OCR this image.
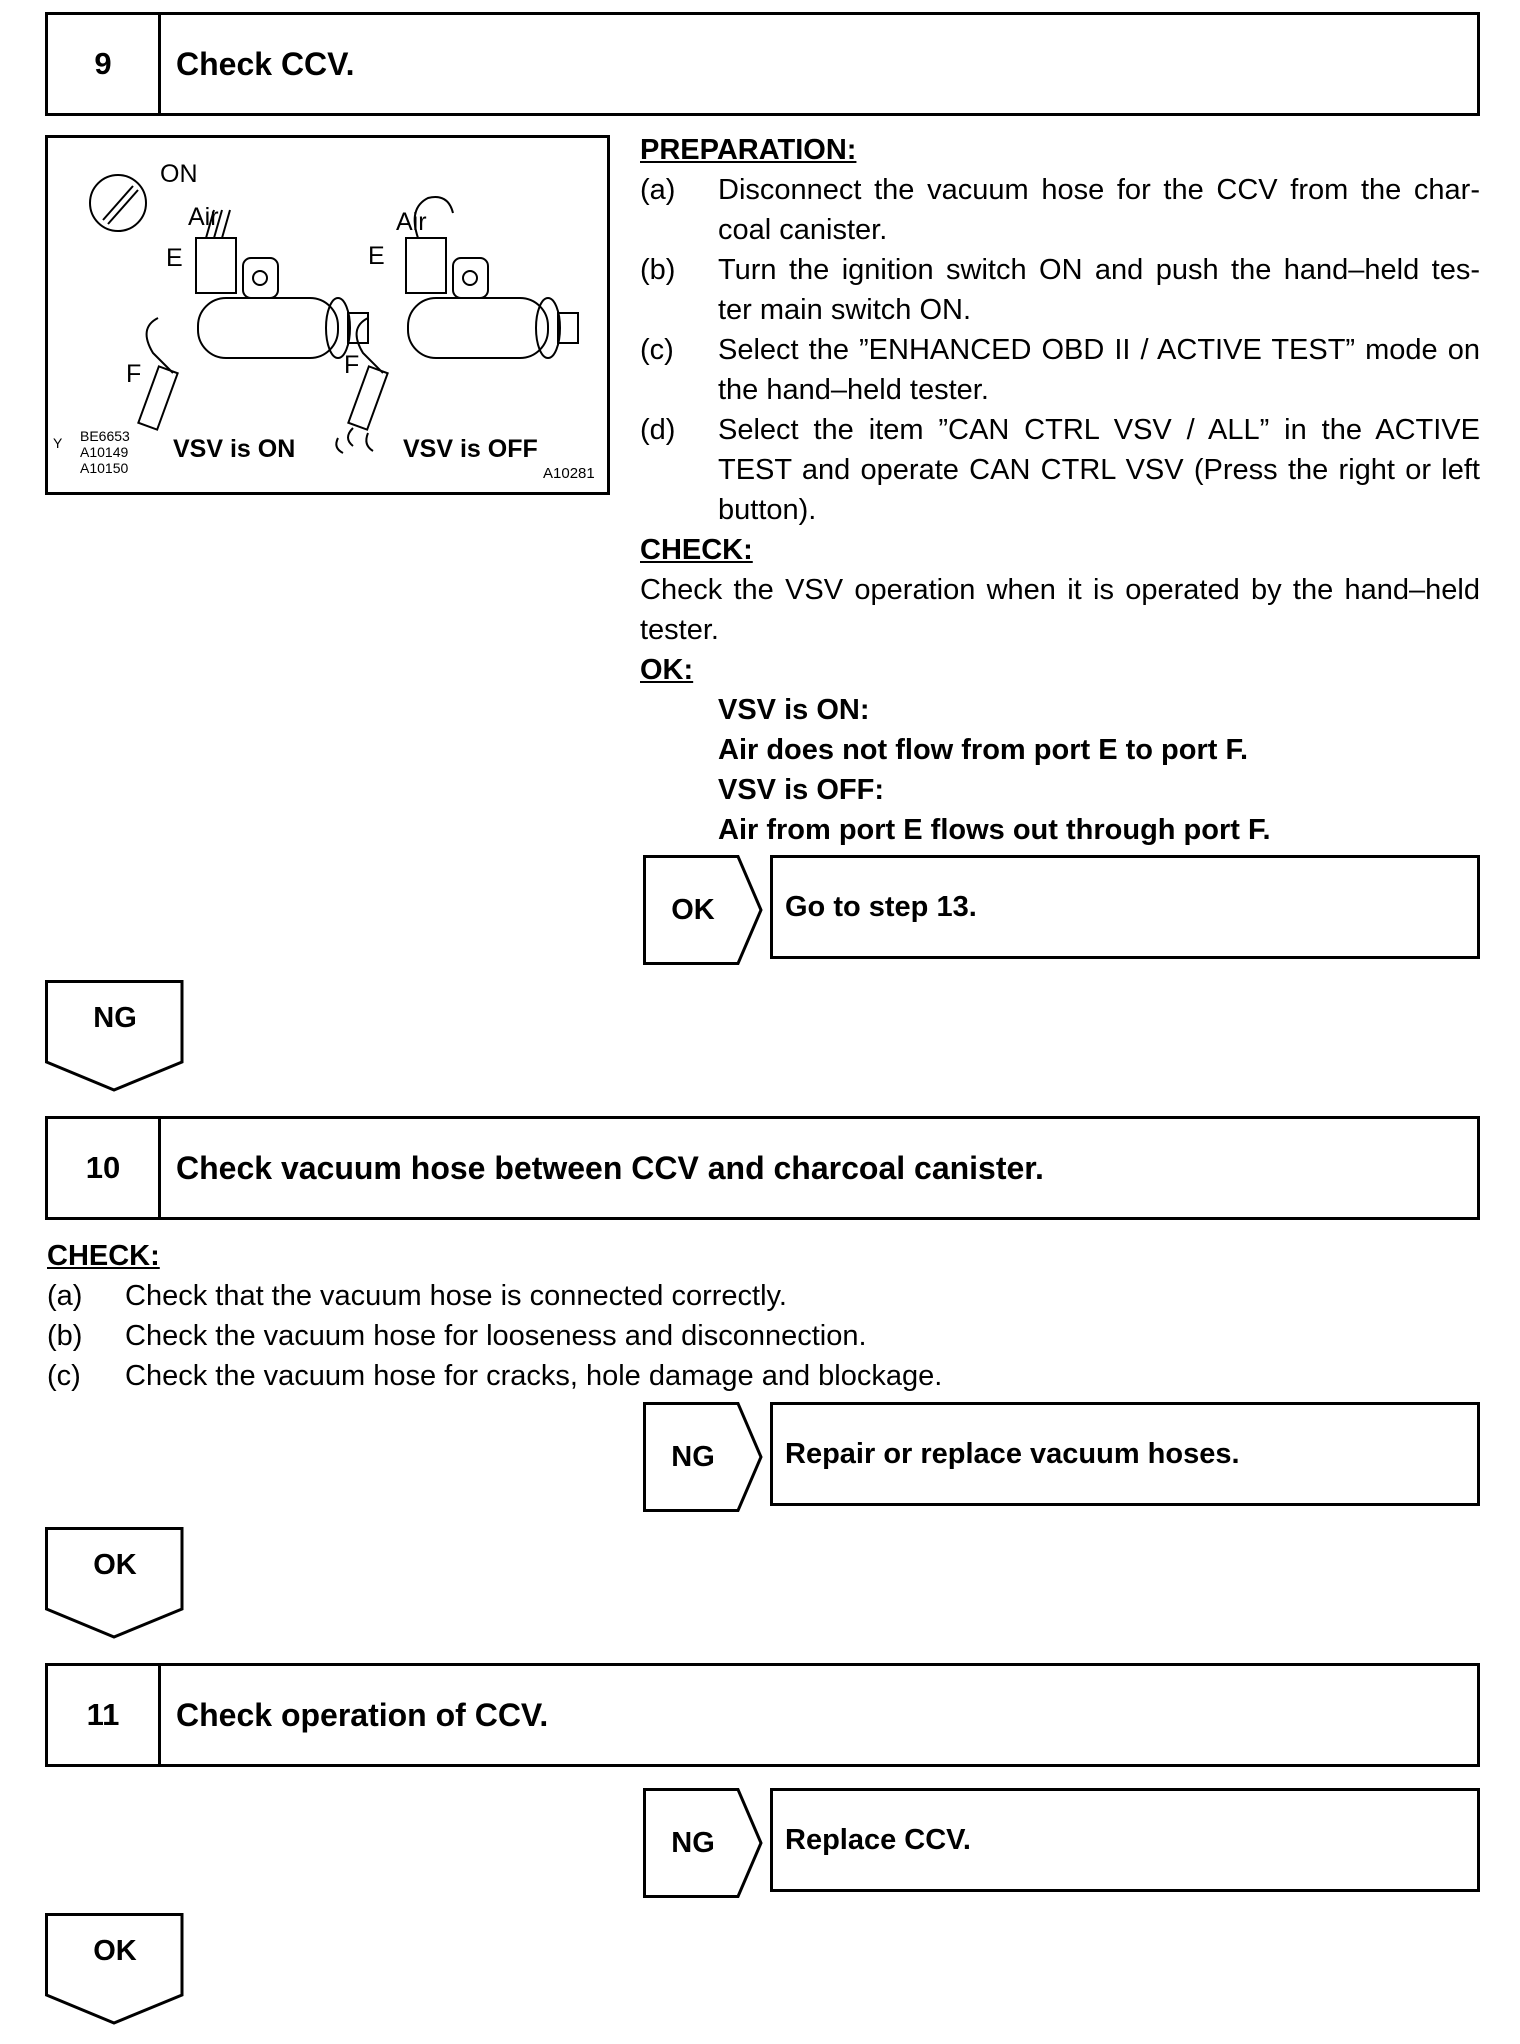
9	Check CCV.
ON
Air	Air
E	E
F	F
Y BE6653
A10149
A10150
VSV is ON	VSV is OFF
A10281
PREPARATION:
(a) Disconnect the vacuum hose for the CCV from the char-
coal canister.
(b) Turn the ignition switch ON and push the hand–held tes-
ter main switch ON.
(c) Select the ”ENHANCED OBD II / ACTIVE TEST” mode on
the hand–held tester.
(d) Select the item ”CAN CTRL VSV / ALL” in the ACTIVE
TEST and operate CAN CTRL VSV (Press the right or left
button).
CHECK:
Check the VSV operation when it is operated by the hand–held
tester.
OK:
VSV is ON:
Air does not flow from port E to port F.
VSV is OFF:
Air from port E flows out through port F.
OK	Go to step 13.
NG
10	Check vacuum hose between CCV and charcoal canister.
CHECK:
(a) Check that the vacuum hose is connected correctly.
(b) Check the vacuum hose for looseness and disconnection.
(c) Check the vacuum hose for cracks, hole damage and blockage.
NG	Repair or replace vacuum hoses.
OK
11	Check operation of CCV.
NG	Replace CCV.
OK
